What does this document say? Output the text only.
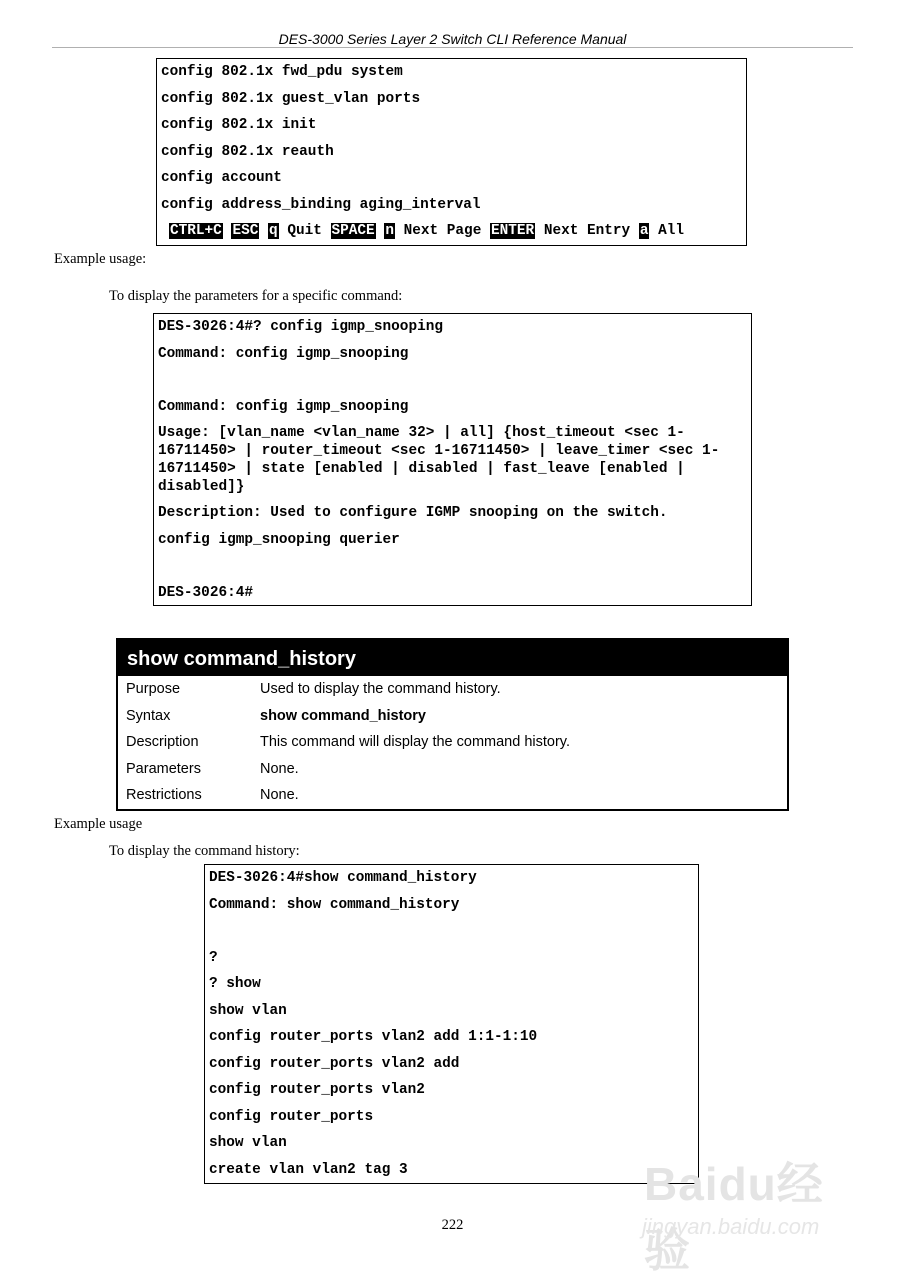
DES-3000 Series Layer 2 Switch CLI Reference Manual
config 802.1x fwd_pdu system
config 802.1x guest_vlan ports
config 802.1x init
config 802.1x reauth
config account
config address_binding aging_interval
CTRL+C ESC q Quit SPACE n Next Page ENTER Next Entry a All
Example usage:
To display the parameters for a specific command:
DES-3026:4#? config igmp_snooping
Command: config igmp_snooping
Command: config igmp_snooping
Usage: [vlan_name <vlan_name 32> | all] {host_timeout <sec 1-16711450> | router_timeout <sec 1-16711450> | leave_timer <sec 1-16711450> | state [enabled | disabled | fast_leave [enabled | disabled]}
Description: Used to configure IGMP snooping on the switch.
config igmp_snooping querier
DES-3026:4#
show command_history
Purpose	Used to display the command history.
Syntax	show command_history
Description	This command will display the command history.
Parameters	None.
Restrictions	None.
Example usage
To display the command history:
DES-3026:4#show command_history
Command: show command_history
?
? show
show vlan
config router_ports vlan2 add 1:1-1:10
config router_ports vlan2 add
config router_ports vlan2
config router_ports
show vlan
create vlan vlan2 tag 3
222
Baidu经验
jingyan.baidu.com
